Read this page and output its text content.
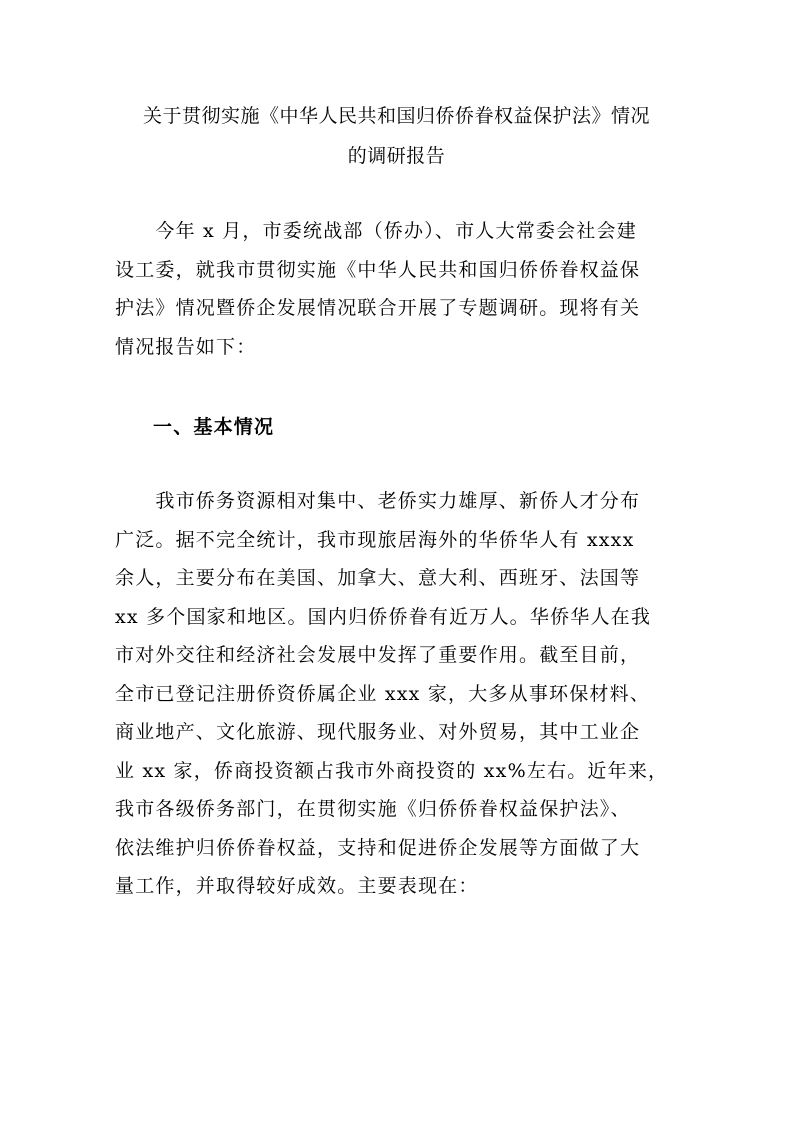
关于贯彻实施《中华人民共和国归侨侨眷权益保护法》情况
的调研报告
　　今年 x 月，市委统战部（侨办）、市人大常委会社会建
设工委，就我市贯彻实施《中华人民共和国归侨侨眷权益保
护法》情况暨侨企发展情况联合开展了专题调研。现将有关
情况报告如下：
一、基本情况
　　我市侨务资源相对集中、老侨实力雄厚、新侨人才分布
广泛。据不完全统计，我市现旅居海外的华侨华人有 xxxx
余人，主要分布在美国、加拿大、意大利、西班牙、法国等
xx 多个国家和地区。国内归侨侨眷有近万人。华侨华人在我
市对外交往和经济社会发展中发挥了重要作用。截至目前，
全市已登记注册侨资侨属企业 xxx 家，大多从事环保材料、
商业地产、文化旅游、现代服务业、对外贸易，其中工业企
业 xx 家，侨商投资额占我市外商投资的 xx%左右。近年来，
我市各级侨务部门，在贯彻实施《归侨侨眷权益保护法》、
依法维护归侨侨眷权益，支持和促进侨企发展等方面做了大
量工作，并取得较好成效。主要表现在：
